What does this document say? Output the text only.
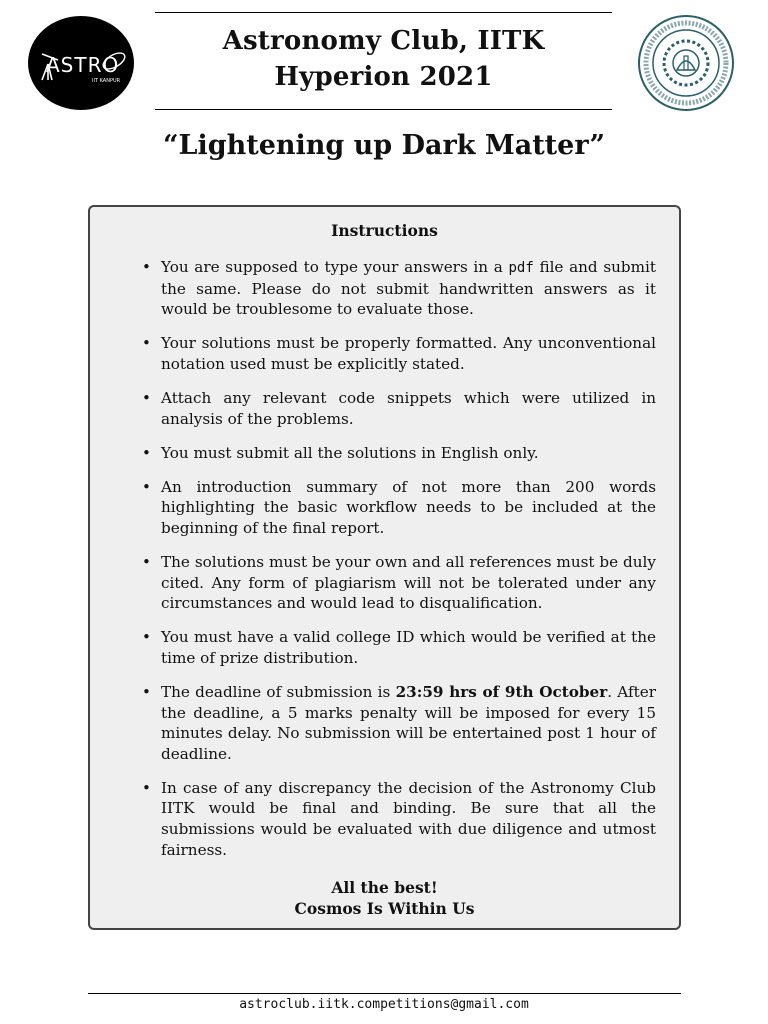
ASTRO
IIT KANPUR
Astronomy Club, IITK
Hyperion 2021
“Lightening up Dark Matter”
Instructions
• You are supposed to type your answers in a pdf file and submit the same. Please do not submit handwritten answers as it would be troublesome to evaluate those.
• Your solutions must be properly formatted. Any unconventional notation used must be explicitly stated.
• Attach any relevant code snippets which were utilized in analysis of the problems.
• You must submit all the solutions in English only.
• An introduction summary of not more than 200 words highlighting the basic workflow needs to be included at the beginning of the final report.
• The solutions must be your own and all references must be duly cited. Any form of plagiarism will not be tolerated under any circumstances and would lead to disqualification.
• You must have a valid college ID which would be verified at the time of prize distribution.
• The deadline of submission is 23:59 hrs of 9th October. After the deadline, a 5 marks penalty will be imposed for every 15 minutes delay. No submission will be entertained post 1 hour of deadline.
• In case of any discrepancy the decision of the Astronomy Club IITK would be final and binding. Be sure that all the submissions would be evaluated with due diligence and utmost fairness.
All the best!
Cosmos Is Within Us
astroclub.iitk.competitions@gmail.com
